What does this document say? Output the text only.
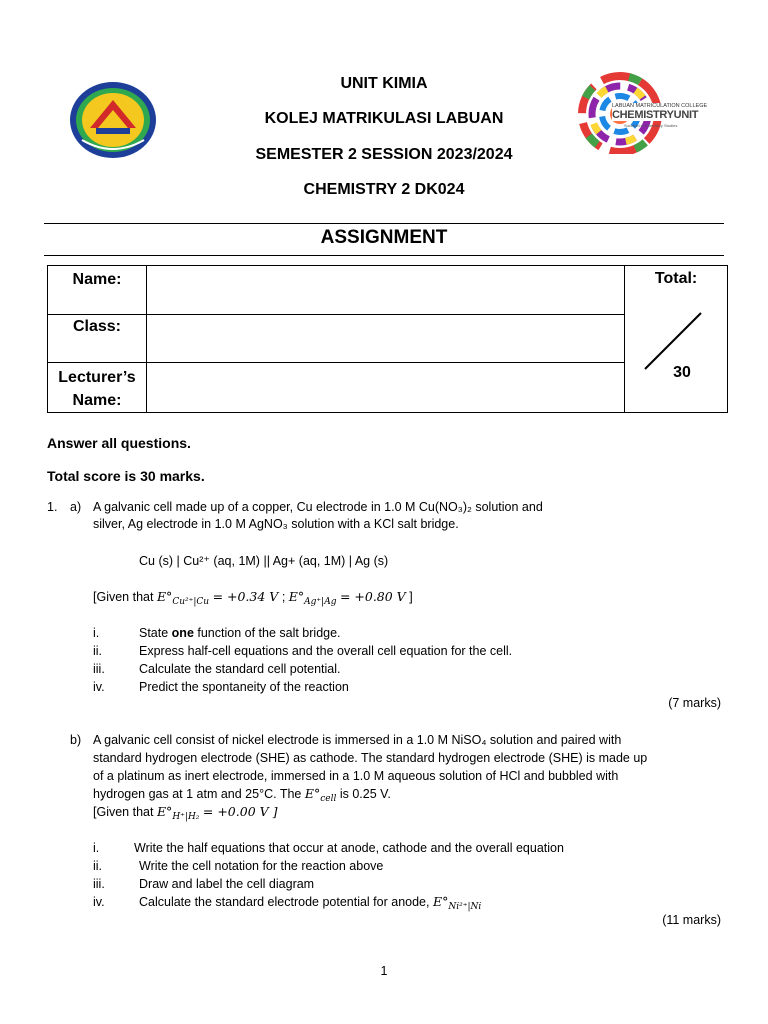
LABUAN MATRICULATION COLLEGE
CHEMISTRYUNIT
Succeed in Chemistry Studies
UNIT KIMIA
KOLEJ MATRIKULASI LABUAN
SEMESTER 2 SESSION 2023/2024
CHEMISTRY 2 DK024
ASSIGNMENT
Name:		Total:
30

Class:		

Lecturer’s
Name:		

Answer all questions.
Total score is 30 marks.
1. a) A galvanic cell made up of a copper, Cu electrode in 1.0 M Cu(NO₃)₂ solution and
silver, Ag electrode in 1.0 M AgNO₃ solution with a KCl salt bridge.
Cu (s) | Cu²⁺ (aq, 1M) || Ag+ (aq, 1M) | Ag (s)
[Given that $E^\circ_{Cu^{2+}|Cu} = +0.34$ V ; $E^\circ_{Ag^+|Ag} = +0.80$ V ]
i.	State one function of the salt bridge.
ii.	Express half-cell equations and the overall cell equation for the cell.
iii.	Calculate the standard cell potential.
iv.	Predict the spontaneity of the reaction
(7 marks)
b) A galvanic cell consist of nickel electrode is immersed in a 1.0 M NiSO₄ solution and paired with
standard hydrogen electrode (SHE) as cathode. The standard hydrogen electrode (SHE) is made up
of a platinum as inert electrode, immersed in a 1.0 M aqueous solution of HCl and bubbled with
hydrogen gas at 1 atm and 25°C. The $E^\circ_{cell}$ is 0.25 V.
[Given that $E^\circ_{H^+|H_2} = +0.00$ V ]
i.	Write the half equations that occur at anode, cathode and the overall equation
ii.	Write the cell notation for the reaction above
iii.	Draw and label the cell diagram
iv.	Calculate the standard electrode potential for anode, $E^\circ_{Ni^{2+}|Ni}$
(11 marks)
1
